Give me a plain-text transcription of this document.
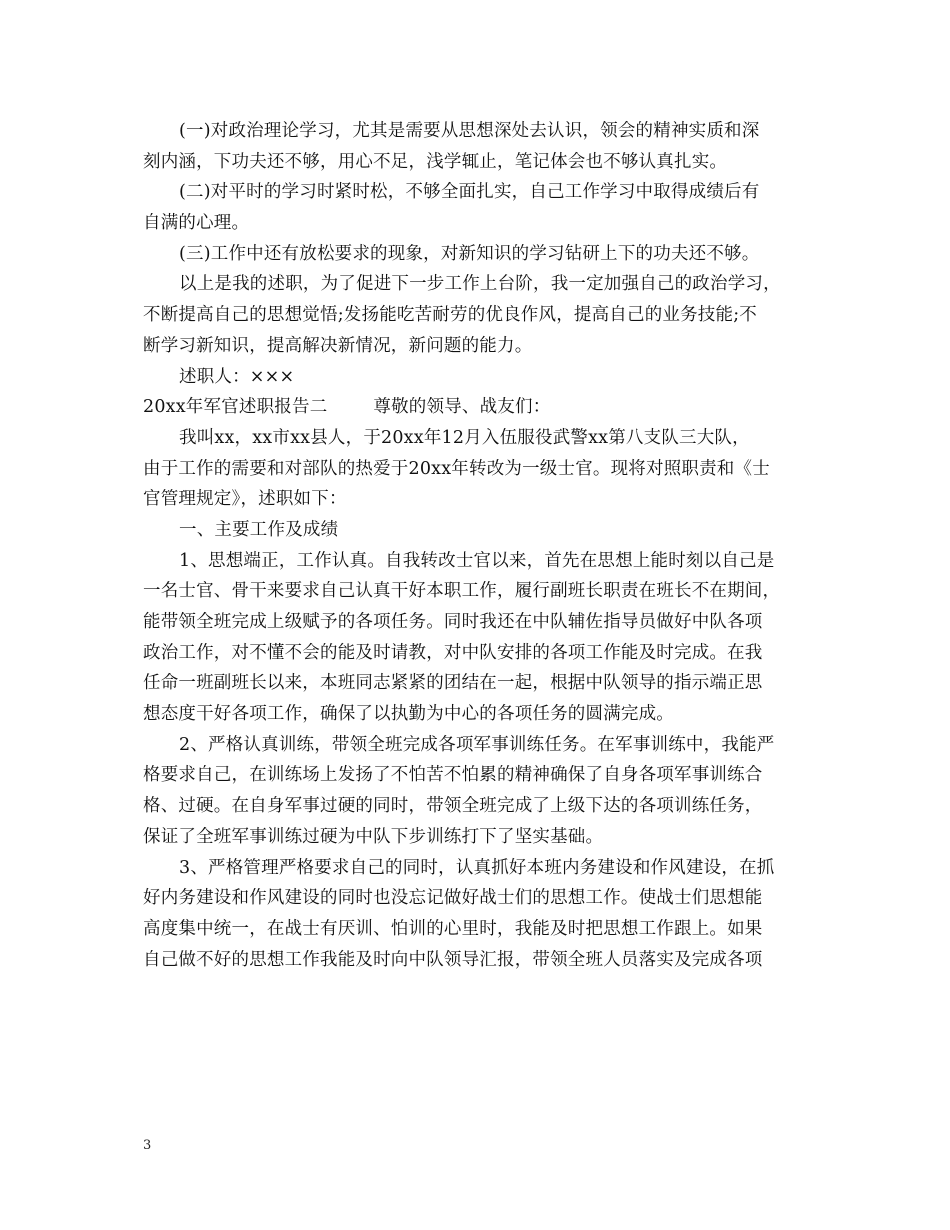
(一)对政治理论学习，尤其是需要从思想深处去认识，领会的精神实质和深
刻内涵，下功夫还不够，用心不足，浅学辄止，笔记体会也不够认真扎实。
(二)对平时的学习时紧时松，不够全面扎实，自己工作学习中取得成绩后有
自满的心理。
(三)工作中还有放松要求的现象，对新知识的学习钻研上下的功夫还不够。
以上是我的述职，为了促进下一步工作上台阶，我一定加强自己的政治学习，
不断提高自己的思想觉悟;发扬能吃苦耐劳的优良作风，提高自己的业务技能;不
断学习新知识，提高解决新情况，新问题的能力。
述职人：×××
20xx年军官述职报告二	尊敬的领导、战友们：
我叫xx，xx市xx县人，于20xx年12月入伍服役武警xx第八支队三大队，
由于工作的需要和对部队的热爱于20xx年转改为一级士官。现将对照职责和《士
官管理规定》，述职如下：
一、主要工作及成绩
1、思想端正，工作认真。自我转改士官以来，首先在思想上能时刻以自己是
一名士官、骨干来要求自己认真干好本职工作，履行副班长职责在班长不在期间，
能带领全班完成上级赋予的各项任务。同时我还在中队辅佐指导员做好中队各项
政治工作，对不懂不会的能及时请教，对中队安排的各项工作能及时完成。在我
任命一班副班长以来，本班同志紧紧的团结在一起，根据中队领导的指示端正思
想态度干好各项工作，确保了以执勤为中心的各项任务的圆满完成。
2、严格认真训练，带领全班完成各项军事训练任务。在军事训练中，我能严
格要求自己，在训练场上发扬了不怕苦不怕累的精神确保了自身各项军事训练合
格、过硬。在自身军事过硬的同时，带领全班完成了上级下达的各项训练任务，
保证了全班军事训练过硬为中队下步训练打下了坚实基础。
3、严格管理严格要求自己的同时，认真抓好本班内务建设和作风建设，在抓
好内务建设和作风建设的同时也没忘记做好战士们的思想工作。使战士们思想能
高度集中统一，在战士有厌训、怕训的心里时，我能及时把思想工作跟上。如果
自己做不好的思想工作我能及时向中队领导汇报，带领全班人员落实及完成各项
3
